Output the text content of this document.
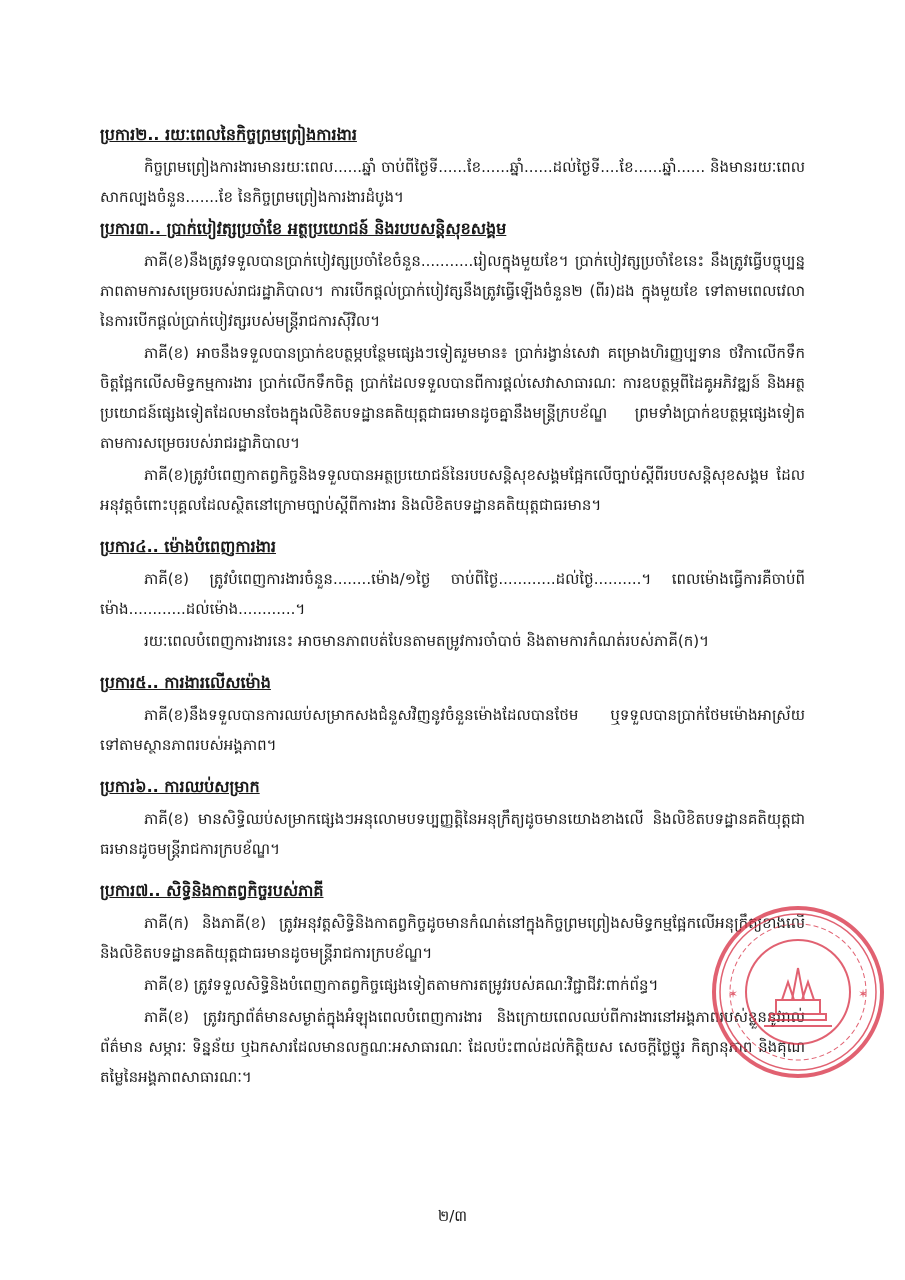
ប្រការ២.. រយៈពេលនៃកិច្ចព្រមព្រៀងការងារ

កិច្ចព្រមព្រៀងការងារមានរយៈពេល......ឆ្នាំ ចាប់ពីថ្ងៃទី......ខែ......ឆ្នាំ......ដល់ថ្ងៃទី....ខែ......ឆ្នាំ...... និងមានរយៈពេលសាកល្បងចំនួន.......ខែ នៃកិច្ចព្រមព្រៀងការងារដំបូង។

ប្រការ៣.. ប្រាក់បៀវត្សប្រចាំខែ អត្ថប្រយោជន៍ និងរបបសន្តិសុខសង្គម

ភាគី(ខ)នឹងត្រូវទទួលបានប្រាក់បៀវត្សប្រចាំខែចំនួន...........រៀលក្នុងមួយខែ។ ប្រាក់បៀវត្សប្រចាំខែនេះ នឹងត្រូវធ្វើបច្ចុប្បន្នភាពតាមការសម្រេចរបស់រាជរដ្ឋាភិបាល។ ការបើកផ្តល់ប្រាក់បៀវត្សនឹងត្រូវធ្វើឡើងចំនួន២ (ពីរ)ដង ក្នុងមួយខែ ទៅតាមពេលវេលានៃការបើកផ្តល់ប្រាក់បៀវត្សរបស់មន្ត្រីរាជការស៊ីវិល។

ភាគី(ខ) អាចនឹងទទួលបានប្រាក់ឧបត្ថម្ភបន្ថែមផ្សេងៗទៀតរួមមាន៖ ប្រាក់រង្វាន់សេវា គម្រោងហិរញ្ញប្បទាន ថវិកាលើកទឹកចិត្តផ្អែកលើសមិទ្ធកម្មការងារ ប្រាក់លើកទឹកចិត្ត ប្រាក់ដែលទទួលបានពីការផ្តល់សេវាសាធារណៈ ការឧបត្ថម្ភពីដៃគូអភិវឌ្ឍន៍ និងអត្ថប្រយោជន៍ផ្សេងទៀតដែលមានចែងក្នុងលិខិតបទដ្ឋានគតិយុត្តជាធរមានដូចគ្នានឹងមន្ត្រីក្របខ័ណ្ឌ ព្រមទាំងប្រាក់ឧបត្ថម្ភផ្សេងទៀត តាមការសម្រេចរបស់រាជរដ្ឋាភិបាល។

ភាគី(ខ)ត្រូវបំពេញកាតព្វកិច្ចនិងទទួលបានអត្ថប្រយោជន៍នៃរបបសន្តិសុខសង្គមផ្អែកលើច្បាប់ស្តីពីរបបសន្តិសុខសង្គម ដែលអនុវត្តចំពោះបុគ្គលដែលស្ថិតនៅក្រោមច្បាប់ស្តីពីការងារ និងលិខិតបទដ្ឋានគតិយុត្តជាធរមាន។

ប្រការ៤.. ម៉ោងបំពេញការងារ

ភាគី(ខ) ត្រូវបំពេញការងារចំនួន........ម៉ោង/១ថ្ងៃ ចាប់ពីថ្ងៃ............ដល់ថ្ងៃ..........។ ពេលម៉ោងធ្វើការគឺចាប់ពីម៉ោង............ដល់ម៉ោង............។

រយៈពេលបំពេញការងារនេះ អាចមានភាពបត់បែនតាមតម្រូវការចាំបាច់ និងតាមការកំណត់របស់ភាគី(ក)។

ប្រការ៥.. ការងារលើសម៉ោង

ភាគី(ខ)នឹងទទួលបានការឈប់សម្រាកសងជំនួសវិញនូវចំនួនម៉ោងដែលបានថែម ឬទទួលបានប្រាក់ថែមម៉ោងអាស្រ័យទៅតាមស្ថានភាពរបស់អង្គភាព។

ប្រការ៦.. ការឈប់សម្រាក

ភាគី(ខ) មានសិទ្ធិឈប់សម្រាកផ្សេងៗអនុលោមបទប្បញ្ញត្តិនៃអនុក្រឹត្យដូចមានយោងខាងលើ និងលិខិតបទដ្ឋានគតិយុត្តជាធរមានដូចមន្ត្រីរាជការក្របខ័ណ្ឌ។

ប្រការ៧.. សិទ្ធិនិងកាតព្វកិច្ចរបស់ភាគី

ភាគី(ក) និងភាគី(ខ) ត្រូវអនុវត្តសិទ្ធិនិងកាតព្វកិច្ចដូចមានកំណត់នៅក្នុងកិច្ចព្រមព្រៀងសមិទ្ធកម្មផ្អែកលើអនុក្រឹត្យខាងលើ និងលិខិតបទដ្ឋានគតិយុត្តជាធរមានដូចមន្ត្រីរាជការក្របខ័ណ្ឌ។

ភាគី(ខ) ត្រូវទទួលសិទ្ធិនិងបំពេញកាតព្វកិច្ចផ្សេងទៀតតាមការតម្រូវរបស់គណៈវិជ្ជាជីវៈពាក់ព័ន្ធ។

ភាគី(ខ) ត្រូវរក្សាព័ត៌មានសម្ងាត់ក្នុងអំឡុងពេលបំពេញការងារ និងក្រោយពេលឈប់ពីការងារនៅអង្គភាពរបស់ខ្លួននូវរាល់ព័ត៌មាន សម្ភារៈ ទិន្នន័យ ឬឯកសារដែលមានលក្ខណៈអសាធារណៈ ដែលប៉ះពាល់ដល់កិត្តិយស សេចក្តីថ្លៃថ្នូរ កិត្យានុភាព និងគុណតម្លៃនៃអង្គភាពសាធារណៈ។

✶	✶
២/៣
